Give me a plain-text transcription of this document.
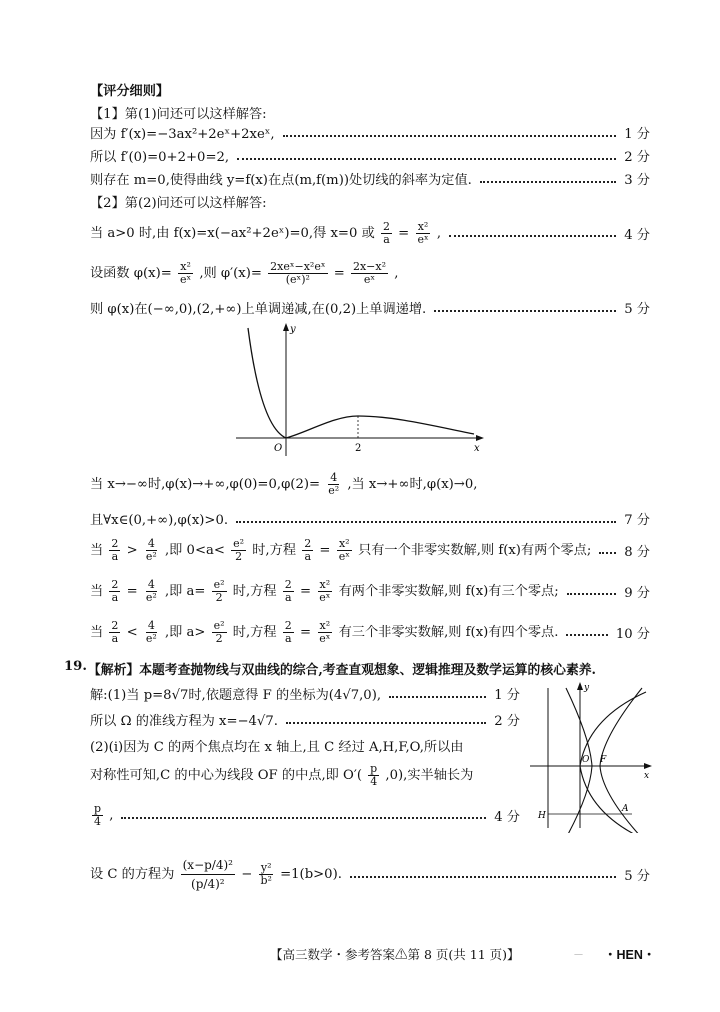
【评分细则】
【1】第(1)问还可以这样解答:
因为 f′(x)=−3ax²+2eˣ+2xeˣ,	1 分
所以 f′(0)=0+2+0=2,	2 分
则存在 m=0,使得曲线 y=f(x)在点(m,f(m))处切线的斜率为定值.	3 分
【2】第(2)问还可以这样解答:
当 a>0 时,由 f(x)=x(−ax²+2eˣ)=0,得 x=0 或 $\frac{2}{a} = \frac{\text{x²}}{\text{eˣ}}$ ,	4 分
设函数 $\varphi(x)= \frac{\text{x²}}{\text{eˣ}}$ ,则 $\varphi'(x)= \frac{\text{2xeˣ−x²eˣ}}{\text{(eˣ)²}} = \frac{\text{2x−x²}}{\text{eˣ}}$ ,
则 φ(x)在(−∞,0),(2,+∞)上单调递减,在(0,2)上单调递增.	5 分
y
x
O	2
当 x→−∞时$,\varphi(x)\to+\infty,\varphi(0)=0,\varphi(2)= \frac{4}{\text{e²}}$ ,当 x→+∞时,φ(x)→0,
且∀x∈(0,+∞),φ(x)>0.	7 分
当 $\frac{2}{a} > \frac{4}{\text{e²}}$ ,即 $0<a< \frac{\text{e²}}{2}$ 时,方程 $\frac{2}{a} = \frac{\text{x²}}{\text{eˣ}}$ 只有一个非零实数解,则 f(x)有两个零点; 8 分
当 $\frac{2}{a} = \frac{4}{\text{e²}}$ ,即 $a= \frac{\text{e²}}{2}$ 时,方程 $\frac{2}{a} = \frac{\text{x²}}{\text{eˣ}}$ 有两个非零实数解,则 f(x)有三个零点;	9 分
当 $\frac{2}{a} < \frac{4}{\text{e²}}$ ,即 $a> \frac{\text{e²}}{2}$ 时,方程 $\frac{2}{a} = \frac{\text{x²}}{\text{eˣ}}$ 有三个非零实数解,则 f(x)有四个零点.	10 分
19. 【解析】本题考查抛物线与双曲线的综合,考查直观想象、逻辑推理及数学运算的核心素养.
解:(1)当 p=8√7时,依题意得 F 的坐标为(4√7,0),	1 分
所以 Ω 的准线方程为 x=−4√7.	2 分
(2)(ⅰ)因为 C 的两个焦点均在 x 轴上,且 C 经过 A,H,F,O,所以由
对称性可知,C 的中心为线段 OF 的中点,即 $O'( \frac{p}{4} ,0)$,实半轴长为
$\frac{p}{4}$ ,	4 分
设 C 的方程为 $\frac{\text{(x−p/4)²}}{\text{(p/4)²}} - \frac{\text{y²}}{\text{b²}} =1(b>0)$.	5 分
y
x
O F
H
A
【高三数学・参考答案⚠第 8 页(共 11 页)】	— ・HEN・
